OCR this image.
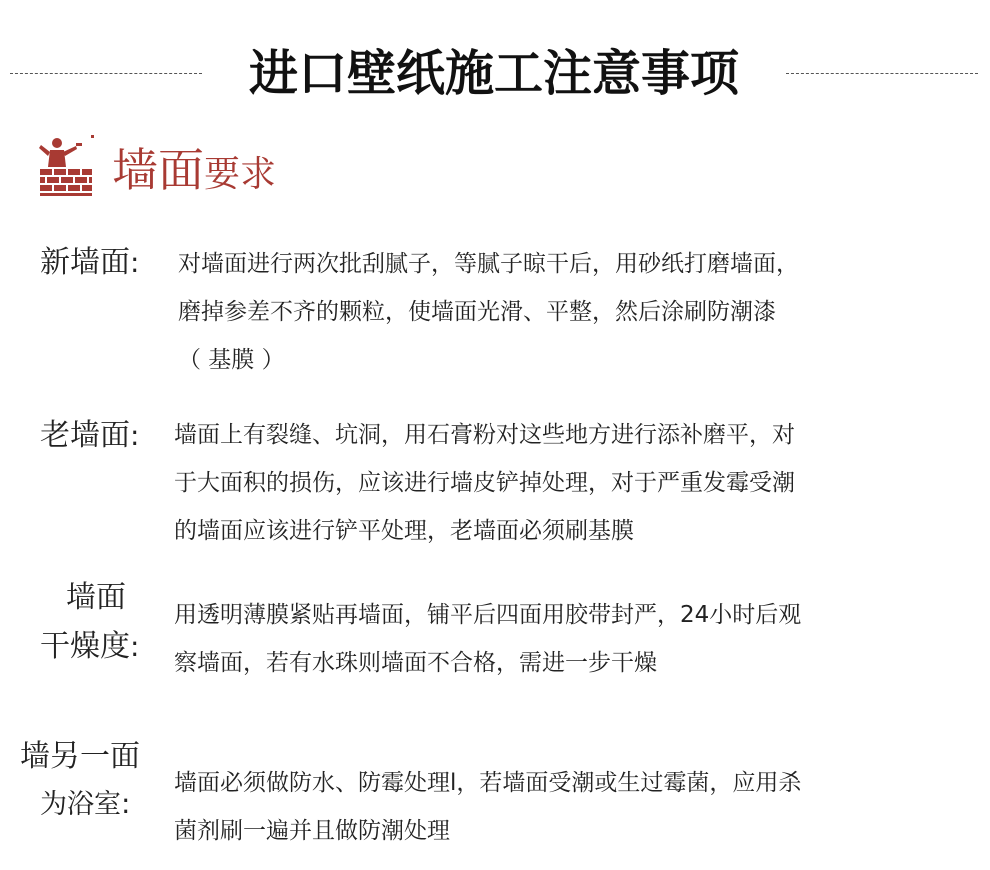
进口壁纸施工注意事项
墙面要求
新墙面: 对墙面进行两次批刮腻子，等腻子晾干后，用砂纸打磨墙面，
磨掉参差不齐的颗粒，使墙面光滑、平整，然后涂刷防潮漆
（ 基膜 ）
老墙面: 墙面上有裂缝、坑洞，用石膏粉对这些地方进行添补磨平，对
于大面积的损伤，应该进行墙皮铲掉处理，对于严重发霉受潮
的墙面应该进行铲平处理，老墙面必须刷基膜
墙面
干燥度:
用透明薄膜紧贴再墙面，铺平后四面用胶带封严，24小时后观
察墙面，若有水珠则墙面不合格，需进一步干燥
墙另一面
为浴室:
墙面必须做防水、防霉处理l，若墙面受潮或生过霉菌，应用杀
菌剂刷一遍并且做防潮处理
